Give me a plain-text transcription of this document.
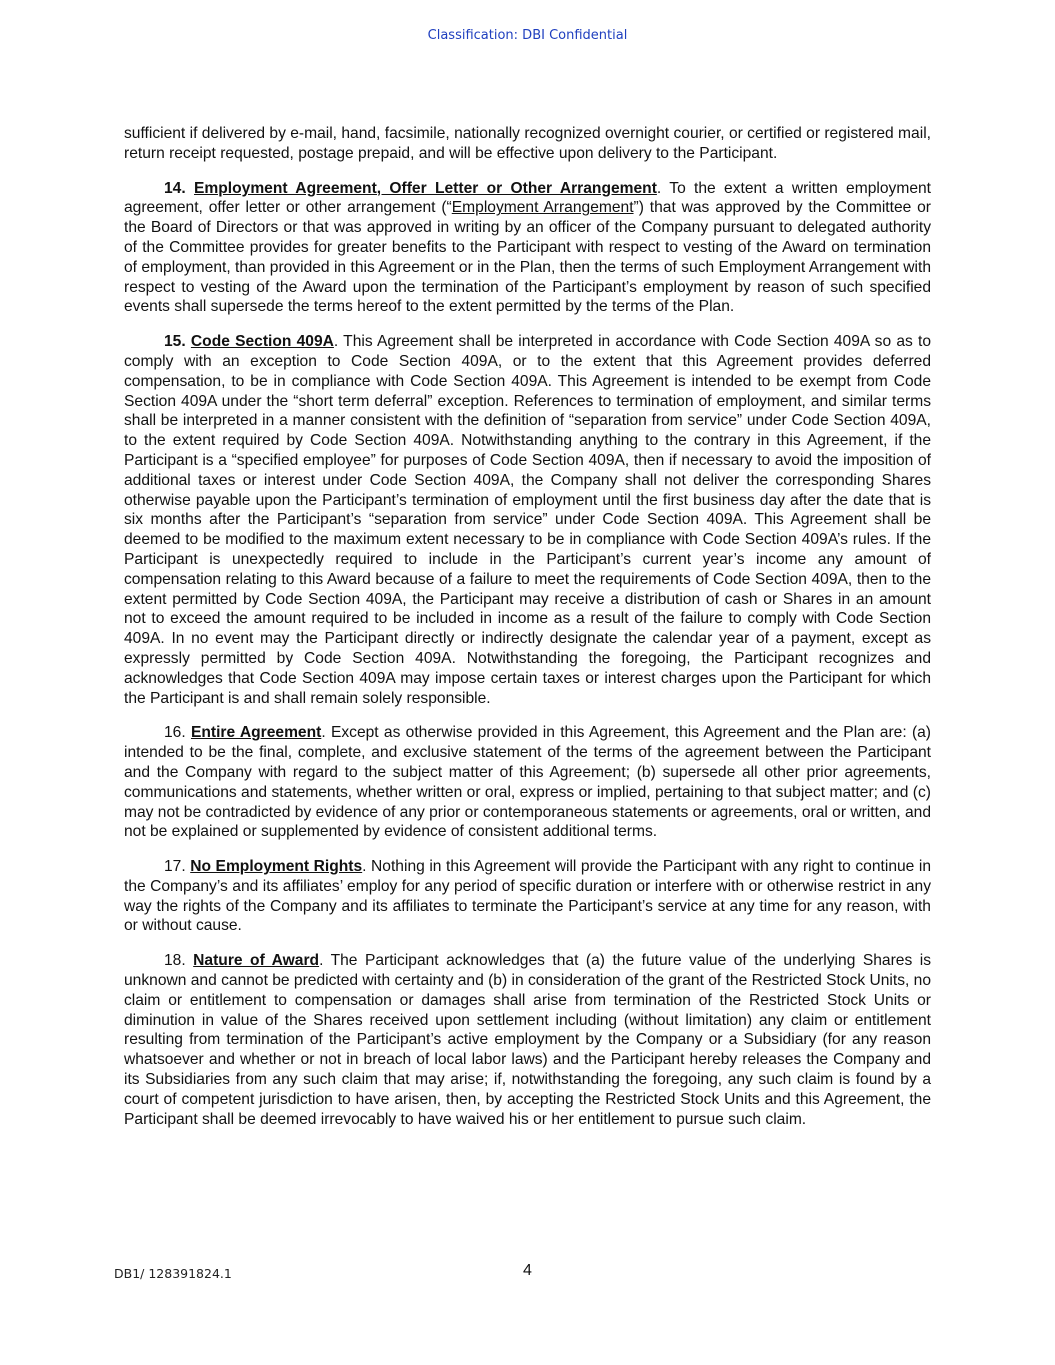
Classification: DBI Confidential

sufficient if delivered by e-mail, hand, facsimile, nationally recognized overnight courier, or certified or registered mail, return receipt requested, postage prepaid, and will be effective upon delivery to the Participant.

14. Employment Agreement, Offer Letter or Other Arrangement. To the extent a written employment agreement, offer letter or other arrangement (“Employment Arrangement”) that was approved by the Committee or the Board of Directors or that was approved in writing by an officer of the Company pursuant to delegated authority of the Committee provides for greater benefits to the Participant with respect to vesting of the Award on termination of employment, than provided in this Agreement or in the Plan, then the terms of such Employment Arrangement with respect to vesting of the Award upon the termination of the Participant’s employment by reason of such specified events shall supersede the terms hereof to the extent permitted by the terms of the Plan.

15. Code Section 409A. This Agreement shall be interpreted in accordance with Code Section 409A so as to comply with an exception to Code Section 409A, or to the extent that this Agreement provides deferred compensation, to be in compliance with Code Section 409A. This Agreement is intended to be exempt from Code Section 409A under the “short term deferral” exception. References to termination of employment, and similar terms shall be interpreted in a manner consistent with the definition of “separation from service” under Code Section 409A, to the extent required by Code Section 409A. Notwithstanding anything to the contrary in this Agreement, if the Participant is a “specified employee” for purposes of Code Section 409A, then if necessary to avoid the imposition of additional taxes or interest under Code Section 409A, the Company shall not deliver the corresponding Shares otherwise payable upon the Participant’s termination of employment until the first business day after the date that is six months after the Participant’s “separation from service” under Code Section 409A. This Agreement shall be deemed to be modified to the maximum extent necessary to be in compliance with Code Section 409A’s rules. If the Participant is unexpectedly required to include in the Participant’s current year’s income any amount of compensation relating to this Award because of a failure to meet the requirements of Code Section 409A, then to the extent permitted by Code Section 409A, the Participant may receive a distribution of cash or Shares in an amount not to exceed the amount required to be included in income as a result of the failure to comply with Code Section 409A. In no event may the Participant directly or indirectly designate the calendar year of a payment, except as expressly permitted by Code Section 409A. Notwithstanding the foregoing, the Participant recognizes and acknowledges that Code Section 409A may impose certain taxes or interest charges upon the Participant for which the Participant is and shall remain solely responsible.

16. Entire Agreement. Except as otherwise provided in this Agreement, this Agreement and the Plan are: (a) intended to be the final, complete, and exclusive statement of the terms of the agreement between the Participant and the Company with regard to the subject matter of this Agreement; (b) supersede all other prior agreements, communications and statements, whether written or oral, express or implied, pertaining to that subject matter; and (c) may not be contradicted by evidence of any prior or contemporaneous statements or agreements, oral or written, and not be explained or supplemented by evidence of consistent additional terms.

17. No Employment Rights. Nothing in this Agreement will provide the Participant with any right to continue in the Company’s and its affiliates’ employ for any period of specific duration or interfere with or otherwise restrict in any way the rights of the Company and its affiliates to terminate the Participant’s service at any time for any reason, with or without cause.

18. Nature of Award. The Participant acknowledges that (a) the future value of the underlying Shares is unknown and cannot be predicted with certainty and (b) in consideration of the grant of the Restricted Stock Units, no claim or entitlement to compensation or damages shall arise from termination of the Restricted Stock Units or diminution in value of the Shares received upon settlement including (without limitation) any claim or entitlement resulting from termination of the Participant’s active employment by the Company or a Subsidiary (for any reason whatsoever and whether or not in breach of local labor laws) and the Participant hereby releases the Company and its Subsidiaries from any such claim that may arise; if, notwithstanding the foregoing, any such claim is found by a court of competent jurisdiction to have arisen, then, by accepting the Restricted Stock Units and this Agreement, the Participant shall be deemed irrevocably to have waived his or her entitlement to pursue such claim.

DB1/ 128391824.1	4
